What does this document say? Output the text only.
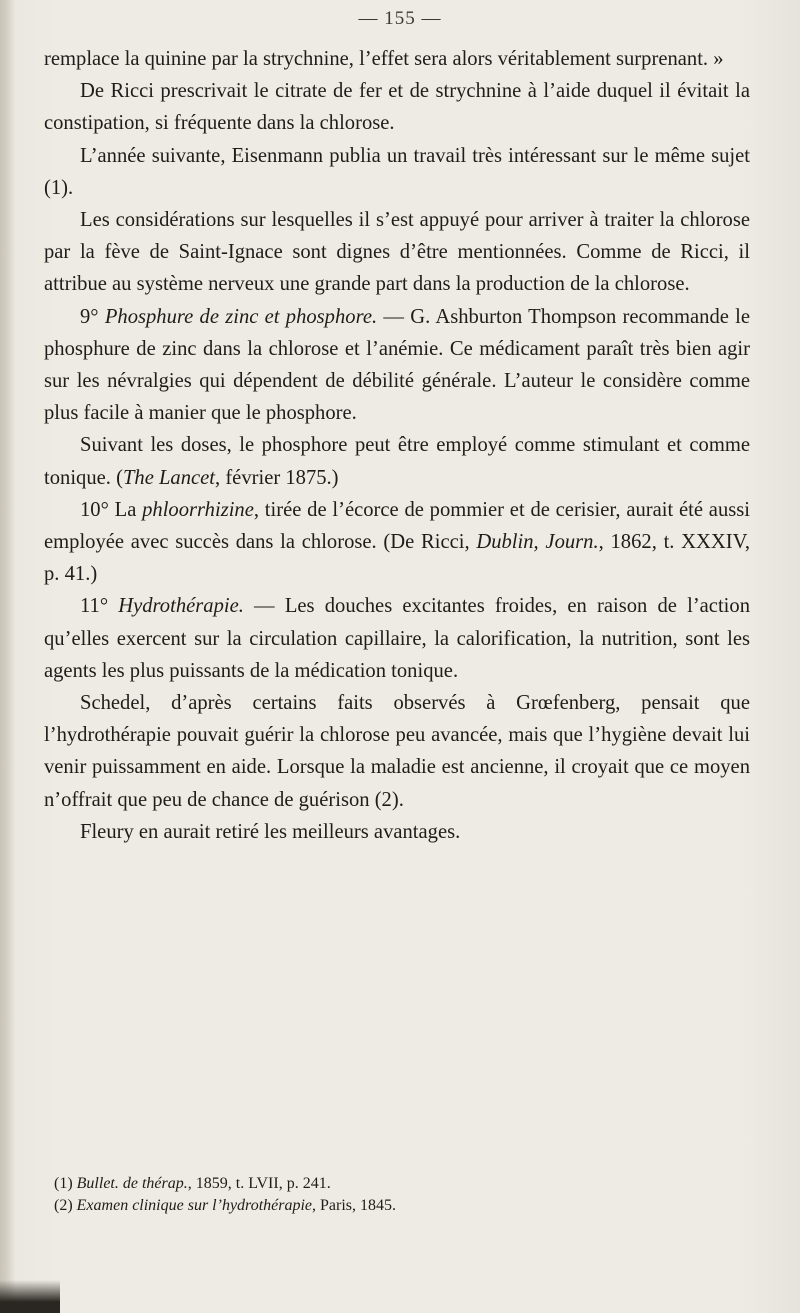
— 155 —

remplace la quinine par la strychnine, l’effet sera alors véritablement surprenant. »

De Ricci prescrivait le citrate de fer et de strychnine à l’aide duquel il évitait la constipation, si fréquente dans la chlorose.

L’année suivante, Eisenmann publia un travail très intéressant sur le même sujet (1).

Les considérations sur lesquelles il s’est appuyé pour arriver à traiter la chlorose par la fève de Saint-Ignace sont dignes d’être mentionnées. Comme de Ricci, il attribue au système nerveux une grande part dans la production de la chlorose.

9° Phosphure de zinc et phosphore. — G. Ashburton Thompson recommande le phosphure de zinc dans la chlorose et l’anémie. Ce médicament paraît très bien agir sur les névralgies qui dépendent de débilité générale. L’auteur le considère comme plus facile à manier que le phosphore.

Suivant les doses, le phosphore peut être employé comme stimulant et comme tonique. (The Lancet, février 1875.)

10° La phloorrhizine, tirée de l’écorce de pommier et de cerisier, aurait été aussi employée avec succès dans la chlorose. (De Ricci, Dublin, Journ., 1862, t. XXXIV, p. 41.)

11° Hydrothérapie. — Les douches excitantes froides, en raison de l’action qu’elles exercent sur la circulation capillaire, la calorification, la nutrition, sont les agents les plus puissants de la médication tonique.

Schedel, d’après certains faits observés à Grœfenberg, pensait que l’hydrothérapie pouvait guérir la chlorose peu avancée, mais que l’hygiène devait lui venir puissamment en aide. Lorsque la maladie est ancienne, il croyait que ce moyen n’offrait que peu de chance de guérison (2).

Fleury en aurait retiré les meilleurs avantages.

(1) Bullet. de thérap., 1859, t. LVII, p. 241.

(2) Examen clinique sur l’hydrothérapie, Paris, 1845.
